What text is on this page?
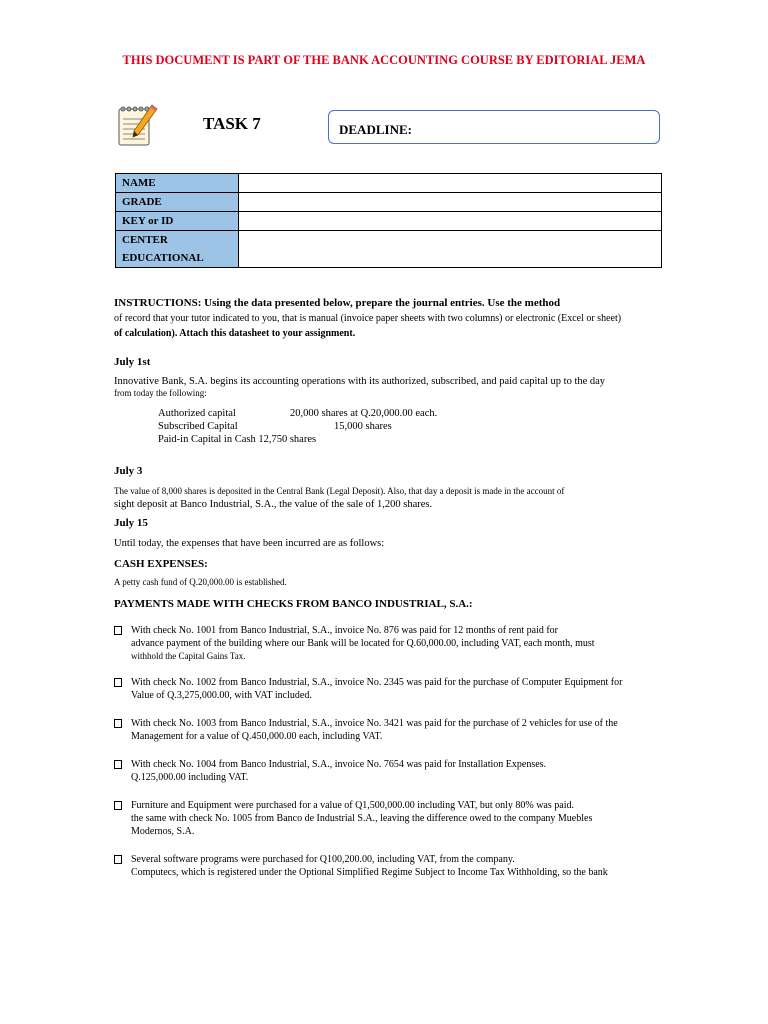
THIS DOCUMENT IS PART OF THE BANK ACCOUNTING COURSE BY EDITORIAL JEMA
TASK 7	DEADLINE:
NAME	
GRADE	
KEY or ID	

CENTER
EDUCATIONAL	

INSTRUCTIONS: Using the data presented below, prepare the journal entries. Use the method
of record that your tutor indicated to you, that is manual (invoice paper sheets with two columns) or electronic (Excel or sheet)
of calculation). Attach this datasheet to your assignment.
July 1st
Innovative Bank, S.A. begins its accounting operations with its authorized, subscribed, and paid capital up to the day
from today the following:
Authorized capital	20,000 shares at Q.20,000.00 each.
Subscribed Capital	15,000 shares
Paid-in Capital in Cash 12,750 shares
July 3
The value of 8,000 shares is deposited in the Central Bank (Legal Deposit). Also, that day a deposit is made in the account of
sight deposit at Banco Industrial, S.A., the value of the sale of 1,200 shares.
July 15
Until today, the expenses that have been incurred are as follows:
CASH EXPENSES:
A petty cash fund of Q.20,000.00 is established.
PAYMENTS MADE WITH CHECKS FROM BANCO INDUSTRIAL, S.A.:
With check No. 1001 from Banco Industrial, S.A., invoice No. 876 was paid for 12 months of rent paid for
advance payment of the building where our Bank will be located for Q.60,000.00, including VAT, each month, must
withhold the Capital Gains Tax.
With check No. 1002 from Banco Industrial, S.A., invoice No. 2345 was paid for the purchase of Computer Equipment for
Value of Q.3,275,000.00, with VAT included.
With check No. 1003 from Banco Industrial, S.A., invoice No. 3421 was paid for the purchase of 2 vehicles for use of the
Management for a value of Q.450,000.00 each, including VAT.
With check No. 1004 from Banco Industrial, S.A., invoice No. 7654 was paid for Installation Expenses.
Q.125,000.00 including VAT.
Furniture and Equipment were purchased for a value of Q1,500,000.00 including VAT, but only 80% was paid.
the same with check No. 1005 from Banco de Industrial S.A., leaving the difference owed to the company Muebles
Modernos, S.A.
Several software programs were purchased for Q100,200.00, including VAT, from the company.
Computecs, which is registered under the Optional Simplified Regime Subject to Income Tax Withholding, so the bank
